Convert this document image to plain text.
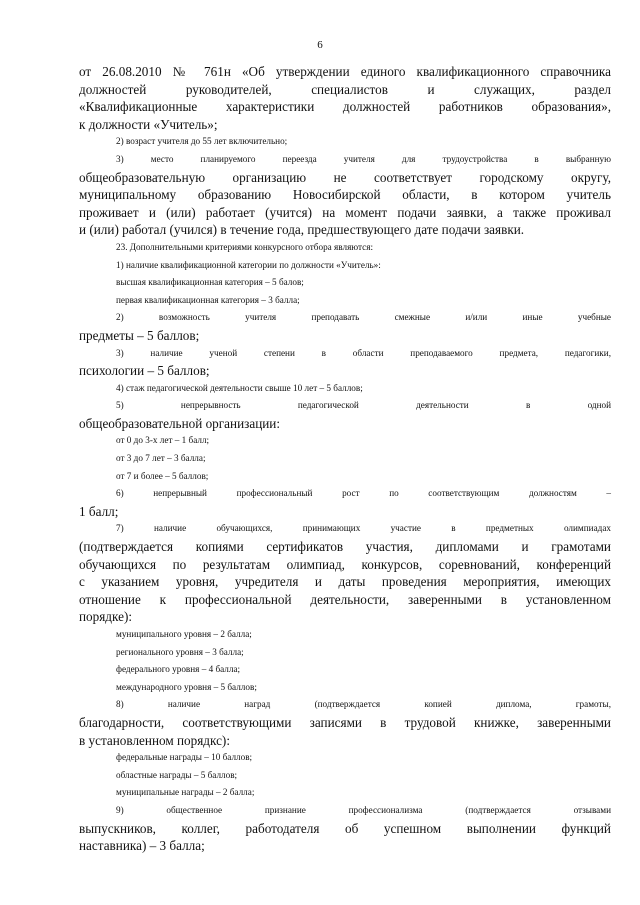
6

от 26.08.2010 № 761н «Об утверждении единого квалификационного справочника

должностей руководителей, специалистов и служащих, раздел

«Квалификационные характеристики должностей работников образования»,

к должности «Учитель»;

2) возраст учителя до 55 лет включительно;

3) место планируемого переезда учителя для трудоустройства в выбранную

общеобразовательную организацию не соответствует городскому округу,

муниципальному образованию Новосибирской области, в котором учитель

проживает и (или) работает (учится) на момент подачи заявки, а также проживал

и (или) работал (учился) в течение года, предшествующего дате подачи заявки.

23. Дополнительными критериями конкурсного отбора являются:

1) наличие квалификационной категории по должности «Учитель»:

высшая квалификационная категория – 5 балов;

первая квалификационная категория – 3 балла;

2) возможность учителя преподавать смежные и/или иные учебные

предметы – 5 баллов;

3) наличие ученой степени в области преподаваемого предмета, педагогики,

психологии – 5 баллов;

4) стаж педагогической деятельности свыше 10 лет – 5 баллов;

5) непрерывность педагогической деятельности в одной

общеобразовательной организации:

от 0 до 3-х лет – 1 балл;

от 3 до 7 лет – 3 балла;

от 7 и более – 5 баллов;

6) непрерывный профессиональный рост по соответствующим должностям –

1 балл;

7) наличие обучающихся, принимающих участие в предметных олимпиадах

(подтверждается копиями сертификатов участия, дипломами и грамотами

обучающихся по результатам олимпиад, конкурсов, соревнований, конференций

с указанием уровня, учредителя и даты проведения мероприятия, имеющих

отношение к профессиональной деятельности, заверенными в установленном

порядке):

муниципального уровня – 2 балла;

регионального уровня – 3 балла;

федерального уровня – 4 балла;

международного уровня – 5 баллов;

8) наличие наград (подтверждается копией диплома, грамоты,

благодарности, соответствующими записями в трудовой книжке, заверенными

в установленном порядкс):

федеральные награды – 10 баллов;

областные награды – 5 баллов;

муниципальные награды – 2 балла;

9) общественное признание профессионализма (подтверждается отзывами

выпускников, коллег, работодателя об успешном выполнении функций

наставника) – 3 балла;
